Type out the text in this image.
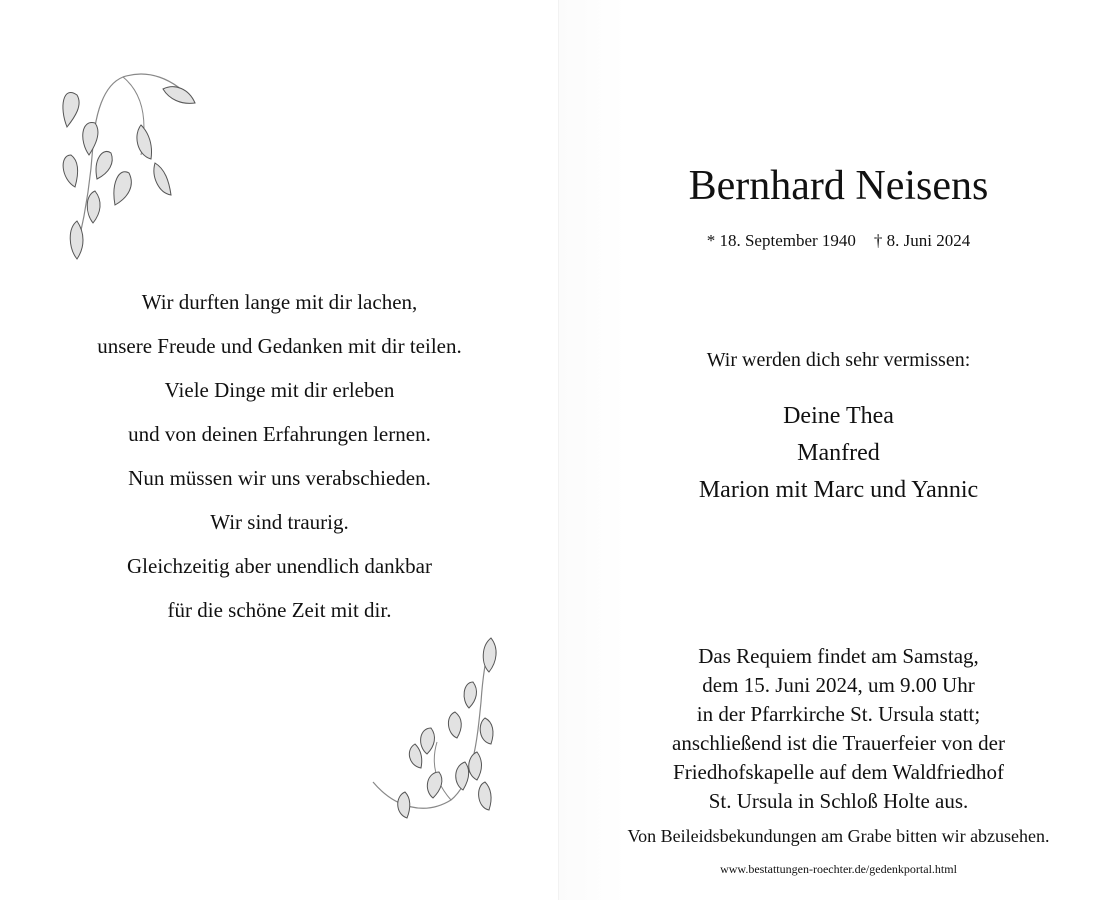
Wir durften lange mit dir lachen,
unsere Freude und Gedanken mit dir teilen.
Viele Dinge mit dir erleben
und von deinen Erfahrungen lernen.
Nun müssen wir uns verabschieden.
Wir sind traurig.
Gleichzeitig aber unendlich dankbar
für die schöne Zeit mit dir.
Bernhard Neisens
* 18. September 1940 † 8. Juni 2024
Wir werden dich sehr vermissen:
Deine Thea
Manfred
Marion mit Marc und Yannic
Das Requiem findet am Samstag,
dem 15. Juni 2024, um 9.00 Uhr
in der Pfarrkirche St. Ursula statt;
anschließend ist die Trauerfeier von der
Friedhofskapelle auf dem Waldfriedhof
St. Ursula in Schloß Holte aus.
Von Beileidsbekundungen am Grabe bitten wir abzusehen.
www.bestattungen-roechter.de/gedenkportal.html
